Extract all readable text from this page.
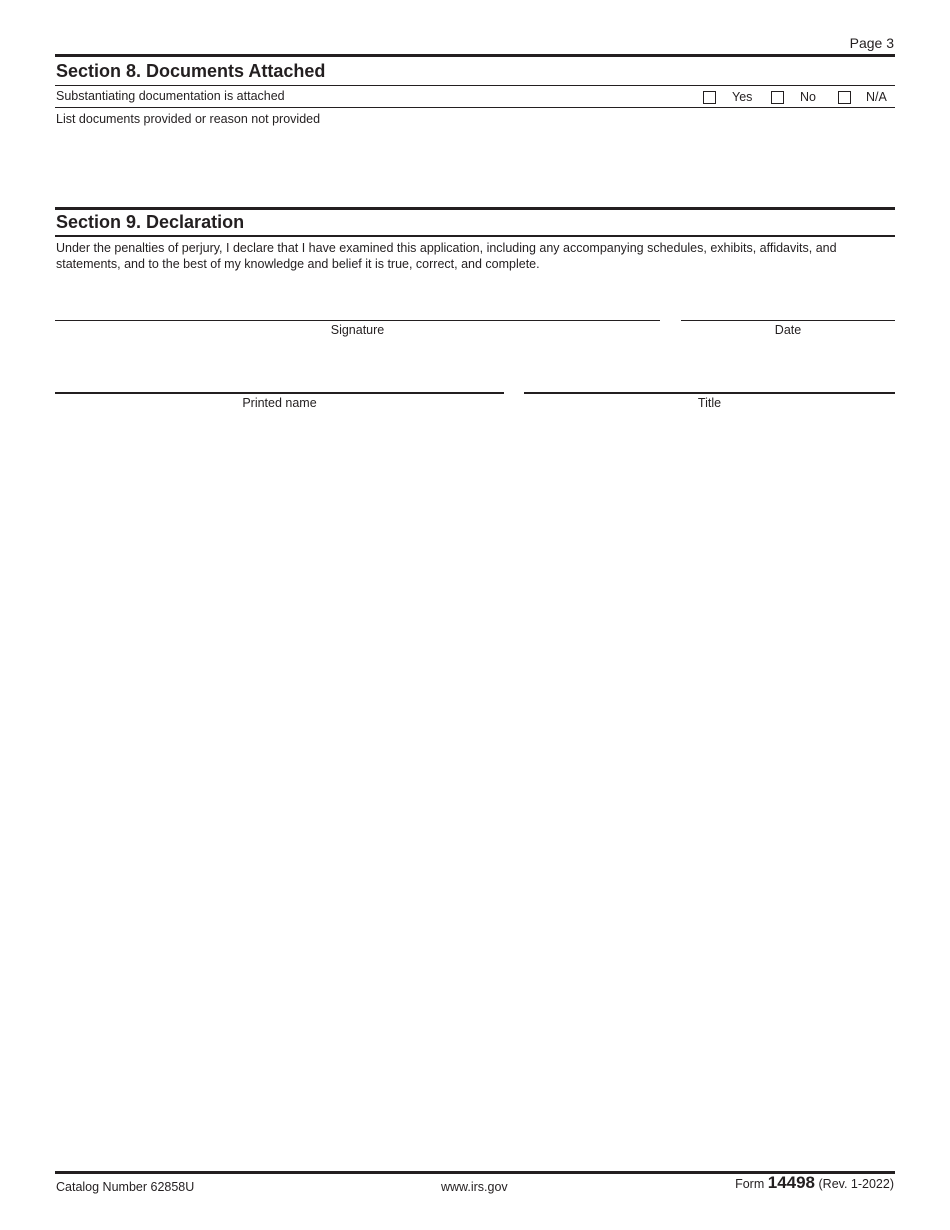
Page 3
Section 8. Documents Attached
Substantiating documentation is attached	Yes	No	N/A
List documents provided or reason not provided
Section 9. Declaration
Under the penalties of perjury, I declare that I have examined this application, including any accompanying schedules, exhibits, affidavits, and
statements, and to the best of my knowledge and belief it is true, correct, and complete.
Signature	Date
Printed name	Title
Catalog Number 62858U	www.irs.gov	Form 14498 (Rev. 1-2022)
